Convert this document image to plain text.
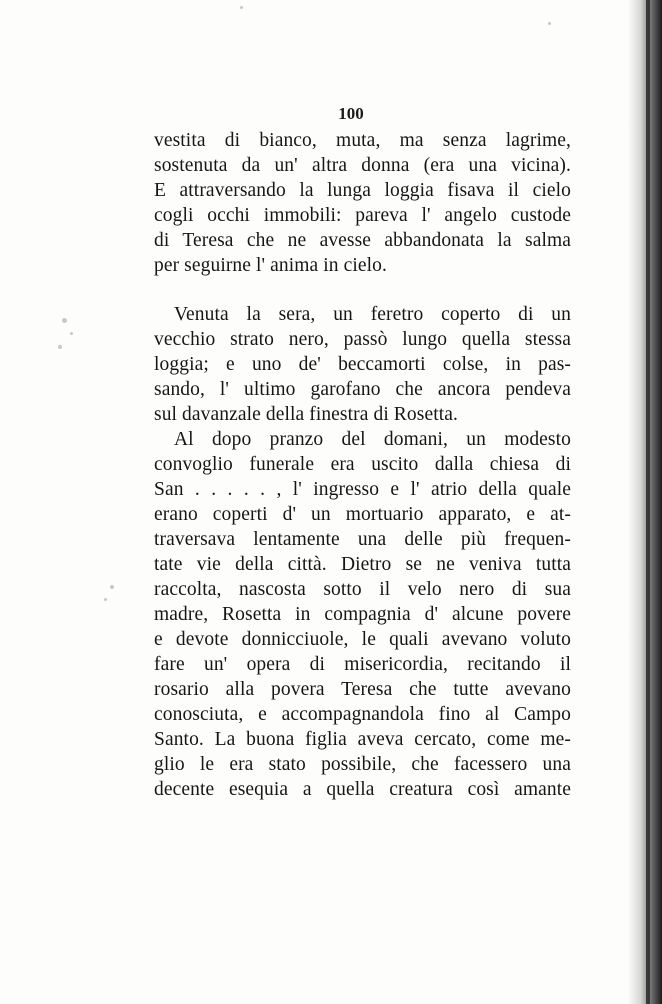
100
vestita di bianco, muta, ma senza lagrime,
sostenuta da un' altra donna (era una vicina).
E attraversando la lunga loggia fisava il cielo
cogli occhi immobili: pareva l' angelo custode
di Teresa che ne avesse abbandonata la salma
per seguirne l' anima in cielo.
Venuta la sera, un feretro coperto di un
vecchio strato nero, passò lungo quella stessa
loggia; e uno de' beccamorti colse, in pas-
sando, l' ultimo garofano che ancora pendeva
sul davanzale della finestra di Rosetta.
Al dopo pranzo del domani, un modesto
convoglio funerale era uscito dalla chiesa di
San . . . . . , l' ingresso e l' atrio della quale
erano coperti d' un mortuario apparato, e at-
traversava lentamente una delle più frequen-
tate vie della città. Dietro se ne veniva tutta
raccolta, nascosta sotto il velo nero di sua
madre, Rosetta in compagnia d' alcune povere
e devote donnicciuole, le quali avevano voluto
fare un' opera di misericordia, recitando il
rosario alla povera Teresa che tutte avevano
conosciuta, e accompagnandola fino al Campo
Santo. La buona figlia aveva cercato, come me-
glio le era stato possibile, che facessero una
decente esequia a quella creatura così amante
